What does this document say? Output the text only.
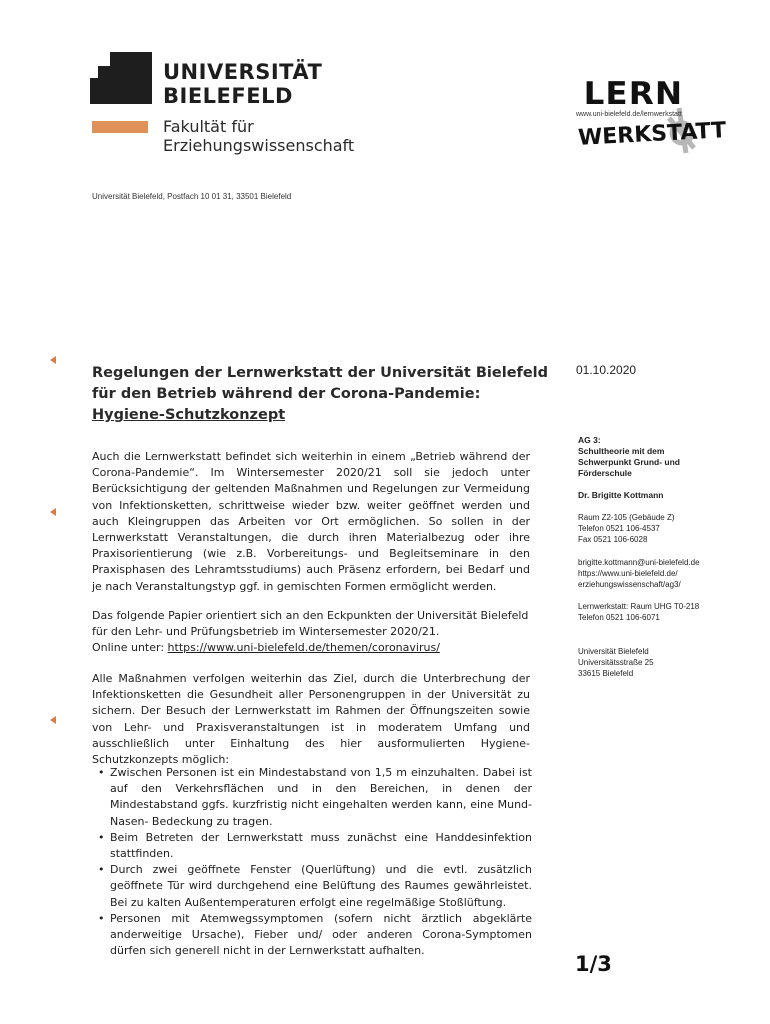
UNIVERSITÄT
BIELEFELD
Fakultät für
Erziehungswissenschaft
LERN
www.uni-bielefeld.de/lernwerkstatt
WERKSTATT
Universität Bielefeld, Postfach 10 01 31, 33501 Bielefeld
Regelungen der Lernwerkstatt der Universität Bielefeld
für den Betrieb während der Corona-Pandemie:
Hygiene-Schutzkonzept
01.10.2020
AG 3:
Schultheorie mit dem
Schwerpunkt Grund- und
Förderschule
Dr. Brigitte Kottmann
Raum Z2-105 (Gebäude Z)
Telefon 0521 106-4537
Fax 0521 106-6028
brigitte.kottmann@uni-bielefeld.de
https://www.uni-bielefeld.de/
erziehungswissenschaft/ag3/
Lernwerkstatt: Raum UHG T0-218
Telefon 0521 106-6071
Universität Bielefeld
Universitätsstraße 25
33615 Bielefeld

Auch die Lernwerkstatt befindet sich weiterhin in einem „Betrieb während der Corona-Pandemie“. Im Wintersemester 2020/21 soll sie jedoch unter Berücksichtigung der geltenden Maßnahmen und Regelungen zur Vermeidung von Infektionsketten, schrittweise wieder bzw. weiter geöffnet werden und auch Kleingruppen das Arbeiten vor Ort ermöglichen. So sollen in der Lernwerkstatt Veranstaltungen, die durch ihren Materialbezug oder ihre Praxisorientierung (wie z.B. Vorbereitungs- und Begleitseminare in den Praxisphasen des Lehramtsstudiums) auch Präsenz erfordern, bei Bedarf und je nach Veranstaltungstyp ggf. in gemischten Formen ermöglicht werden.

Das folgende Papier orientiert sich an den Eckpunkten der Universität Bielefeld für den Lehr- und Prüfungsbetrieb im Wintersemester 2020/21.
Online unter: https://www.uni-bielefeld.de/themen/coronavirus/

Alle Maßnahmen verfolgen weiterhin das Ziel, durch die Unterbrechung der Infektionsketten die Gesundheit aller Personengruppen in der Universität zu sichern. Der Besuch der Lernwerkstatt im Rahmen der Öffnungszeiten sowie von Lehr- und Praxisveranstaltungen ist in moderatem Umfang und ausschließlich unter Einhaltung des hier ausformulierten Hygiene-Schutzkonzepts möglich:

• Zwischen Personen ist ein Mindestabstand von 1,5 m einzuhalten. Dabei ist auf den Verkehrsflächen und in den Bereichen, in denen der Mindestabstand ggfs. kurzfristig nicht eingehalten werden kann, eine Mund-Nasen- Bedeckung zu tragen.
• Beim Betreten der Lernwerkstatt muss zunächst eine Handdesinfektion stattfinden.
• Durch zwei geöffnete Fenster (Querlüftung) und die evtl. zusätzlich geöffnete Tür wird durchgehend eine Belüftung des Raumes gewährleistet. Bei zu kalten Außentemperaturen erfolgt eine regelmäßige Stoßlüftung.
• Personen mit Atemwegssymptomen (sofern nicht ärztlich abgeklärte anderweitige Ursache), Fieber und/ oder anderen Corona-Symptomen dürfen sich generell nicht in der Lernwerkstatt aufhalten.
1/3
